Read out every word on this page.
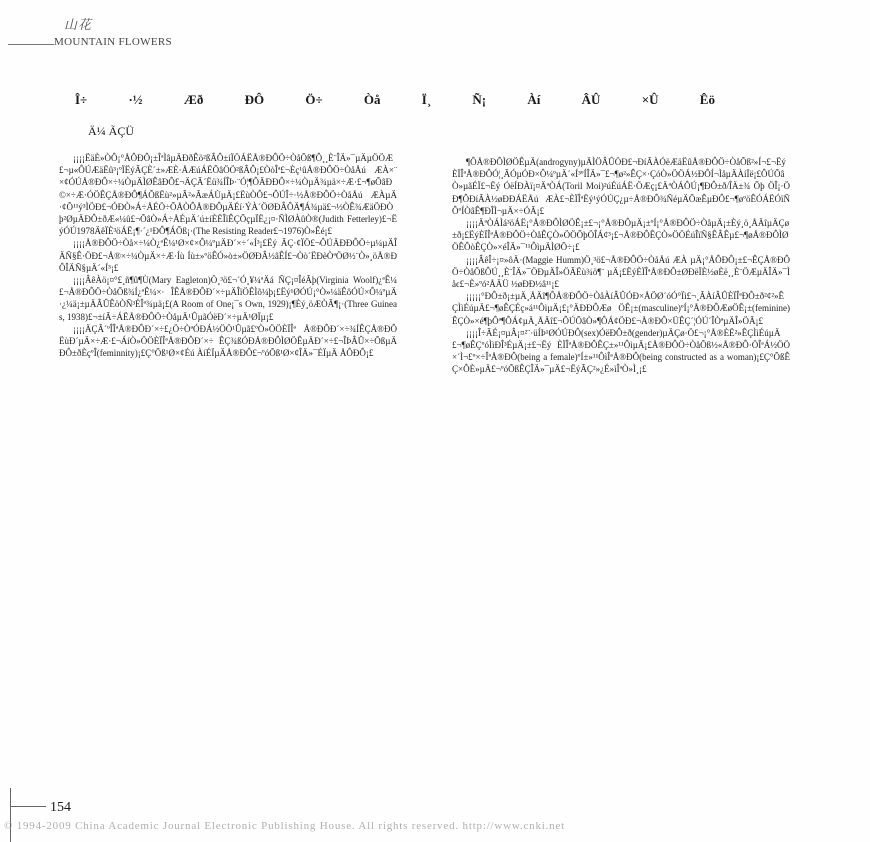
山花
MOUNTAIN FLOWERS
Î÷	·½	Æð	ÐÔ	Ö÷	Òå	Ï¸	Ñ¡	Àí	ÂÛ	×Û	Êö
Ä¼ ÃÇÜ

¡¡¡¡ËäÈ»ÒÔ¡°ÅÔÐÔ¡±ÎªÌâµÄÐðÊö²ßÂÔ±íÏÖÁËÅ®ÐÔÖ÷ÒåÕß¶Ô¸¸È¨ÎÄ»¯µÄµÖÖÆ£¬µ«ÔÚÆäËû³¡ºÏËýÃÇÈ´±»ÆÈ·ÅÆúÁËÕâÖÖ²ßÂÔ¡£ÒòÎª£¬Èç¹ûÅ®ÐÔÖ÷ÒåÅú ÆÀ×¨×¢ÓÚÅ®ÐÔ×÷¼ÒµÄÌØÊâÐÔ£¬ÄÇÃ´Ëü¾ÍÎÞ·¨Ó¦¶ÔÄÐÐÔ×÷¼ÒµÄ¾µä×÷Æ·£¬¶øÕâÐ©×÷Æ·ÓÖÊÇÅ®ÐÔ¶ÁÕßËù²»µÃ²»ÃæÁÙµÄ¡£ËùÒÔ£¬ÔÚÎ÷·½Å®ÐÔÖ÷ÒåÅú ÆÀµÄ·¢Õ¹¹ý³ÌÖÐ£¬ÓÐÒ»Á÷ÅÉÖ÷ÕÅÒÔÅ®ÐÔµÄÉí·ÝÀ´ÖØÐÂÔÄ¶Á¾µä£¬½ÒÊ¾ÆäÖÐÒþ²ØµÄÐÔ±ðÆ«¼û£¬ÕâÒ»Á÷ÅÉµÄ´ú±íÈËÎïÊÇÕçµÏË¿¡¤·ÑÌØÀûÒ®(Judith Fetterley)£¬ËýÓÚ1978ÄêÏÈ³öÁË¡¶·´¿¹ÐÔ¶ÁÕß¡·(The Resisting Reader£¬1976)Ò»Êé¡£

¡¡¡¡Å®ÐÔÖ÷Òå×÷¼Ò¿ªÊ¼¹Ø×¢×Ô¼ºµÄÐ´×÷´«Í³¡£Ëý ÃÇ·¢ÏÖ£¬ÔÚÄÐÐÔÖ÷µ¼µÄÎÄÑ§Ê·ÖÐ£¬Å®×÷¼ÒµÄ×÷Æ·Íù Íù±»ºöÊÓ»ò±»ÖØÐÂ½âÊÍ£¬Òò´ËÐèÒªÖØ½¨Ò»¸öÅ®ÐÔÎÄÑ§µÄ´«Í³¡£

¡¡¡¡ÂêÀö¡¤°£¸ñ¶û¶Ù(Mary Eagleton)Ö¸³ö£¬´Ó¸¥¼ªÄá ÑÇ¡¤ÎéÃþ(Virginia Woolf)¿ªÊ¼£¬Å®ÐÔÖ÷ÒåÕß¾Í¿ªÊ¼×· ÎÊÅ®ÐÔÐ´×÷µÄÎïÖÊÌõ¼þ¡£Ëý¹ØÓÚ¡°Ò»¼äÊôÓÚ×Ô¼ºµÄ ·¿¼ä¡±µÄÂÛÊöÒÑ³ÉÎª¾µä¡£(A Room of One¡¯s Own, 1929)¡¶Èý¸öÆÒÃ¶¡·(Three Guineas, 1938)£¬±íÃ÷ÁËÅ®ÐÔÖ÷ÒåµÄ¹ÛµãÓëÐ´×÷µÄ¹ØÏµ¡£

¡¡¡¡ÄÇÃ´ºÎÎªÅ®ÐÔÐ´×÷£¿Ö÷ÒªÓÐÁ½ÖÖ¹Ûµã£ºÒ»ÖÖÈÏÎª Å®ÐÔÐ´×÷¾ÍÊÇÅ®ÐÔËùÐ´µÄ×÷Æ·£¬ÁíÒ»ÖÖÈÏÎªÅ®ÐÔÐ´×÷ ÊÇ¾ßÓÐÅ®ÐÔÌØÖÊµÄÐ´×÷£¬ÎÞÂÛ×÷ÕßµÄÐÔ±ðÈçºÎ(feminnity)¡£Ç°Õß¹Ø×¢Éú ÀíÉÏµÄÅ®ÐÔ£¬ºóÕß¹Ø×¢ÎÄ»¯ÉÏµÄ ÅÔÐÔ¡£

¶ÔÅ®ÐÔÌØÖÊµÄ(androgyny)µÄÌÖÂÛÖÐ£¬ÐíÃÀÓëÆäËûÅ®ÐÔÖ÷ÒåÕß²»Í¬£¬ËýÈÏÎªÅ®ÐÔÓ¦¸ÃÓµÓÐ×Ô¼ºµÄ´«Í³ºÍÎÄ»¯£¬¶ø²»ÊÇ×·ÇóÒ»ÖÖÁ½ÐÔÍ¬ÌåµÄÀíÏë¡£ÔÚÕâÒ»µãÉÏ£¬Ëý ÓëÍÐÀï¡¤ÄªÒÁ(Toril Moi)²úÉúÁË·ÖÆç¡£ÄªÒÁÔÚ¡¶ÐÔ±ð/ÎÄ±¾ Õþ ÖÎ¡·ÖÐ¶ÔÐíÃÀ½øÐÐÁËÅú ÆÀ£¬ÈÏÎªËý¹ýÓÚÇ¿µ÷Å®ÐÔ¾ÑéµÄÕæÊµÐÔ£¬¶øºöÊÓÁËÓïÑÔºÍÒâÊ¶ÐÎÌ¬µÄ×÷ÓÃ¡£

¡¡¡¡ÄªÒÁÌá³öÁË¡°Å®ÐÔÌØÖÊ¡±£¬¡°Å®ÐÔµÄ¡±ºÍ¡°Å®ÐÔÖ÷ÒåµÄ¡±Èý¸ö¸ÅÄîµÄÇø±ð¡£ËýÈÏÎªÅ®ÐÔÖ÷ÒåÊÇÒ»ÖÖÕþÖÎÁ¢³¡£¬Å®ÐÔÊÇÒ»ÖÖÉúÎïÑ§ÊÂÊµ£¬¶øÅ®ÐÔÌØÖÊÔòÊÇÒ»×éÎÄ»¯¹¹ÔìµÄÌØÕ÷¡£

¡¡¡¡ÂêÎ÷¡¤»ôÄ·(Maggie Humm)Ö¸³ö£¬Å®ÐÔÖ÷ÒåÅú ÆÀ µÄ¡°ÅÔÐÔ¡±£¬ÊÇÅ®ÐÔÖ÷ÒåÕßÔÚ¸¸È¨ÎÄ»¯ÖÐµÄÎ»ÖÃËù¾ö¶¨ µÄ¡£ËýÈÏÎªÅ®ÐÔ±ØÐëÏÈ½øÈë¸¸È¨ÖÆµÄÎÄ»¯Ìåϵ£¬È»ºó²ÅÄÜ ½øÐÐ½â¹¹¡£

¡¡¡¡¡°ÐÔ±ð¡±µÄ¸ÅÄî¶ÔÅ®ÐÔÖ÷ÒåÀíÂÛÓÐ×ÅÖØ´óÓ°Ïì£¬¸ÃÀíÂÛÈÏÎªÐÔ±ð²¢²»ÊÇÌìÉúµÄ£¬¶øÊÇÉç»á¹¹ÔìµÄ¡£¡°ÄÐÐÔÆø ÖÊ¡±(masculine)ºÍ¡°Å®ÐÔÆøÖÊ¡±(feminine)ÊÇÒ»×é¶þÔª¶ÔÁ¢µÄ¸ÅÄî£¬ÔÚÕâÒ»¶ÔÁ¢ÖÐ£¬Å®ÐÔ×ÜÊÇ´¦ÓÚ´ÎÒªµÄÎ»ÖÃ¡£

¡¡¡¡Î÷ÃÉ¡¤µÂ¡¤²¨·üÍÞ¹ØÓÚÐÔ(sex)ÓëÐÔ±ð(gender)µÄÇø·Ö£¬¡°Å®ÈË²»ÊÇÌìÉúµÄ£¬¶øÊÇºóÌìÐÎ³ÉµÄ¡±£¬Ëý ÈÏÎªÅ®ÐÔÊÇ±»¹¹ÔìµÄ¡£Å®ÐÔÖ÷ÒåÕß½«Å®ÐÔ·ÖÎªÁ½ÖÖ×´Ì¬£º×÷ÎªÅ®ÐÔ(being a female)ºÍ±»¹¹ÔìÎªÅ®ÐÔ(being constructed as a woman)¡£Ç°ÕßÊÇ×ÔÈ»µÄ£¬ºóÕßÊÇÎÄ»¯µÄ£¬ËýÃÇ²»¿É»ìÎªÒ»Ì¸¡£

154
© 1994-2009 China Academic Journal Electronic Publishing House. All rights reserved. http://www.cnki.net
